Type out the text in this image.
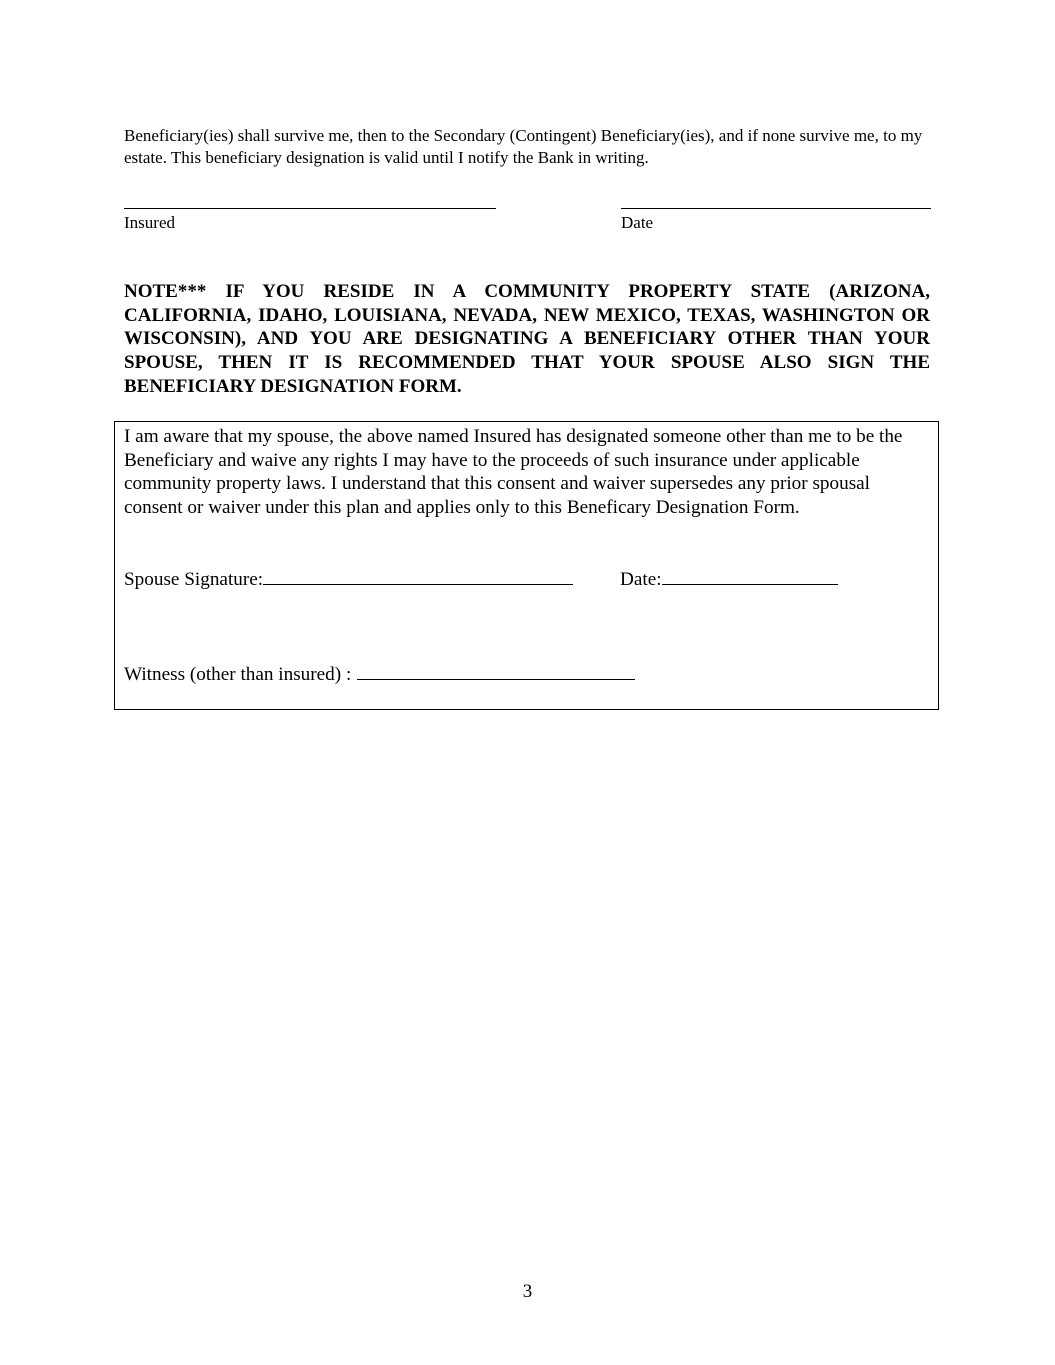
Beneficiary(ies) shall survive me, then to the Secondary (Contingent) Beneficiary(ies), and if none survive me, to my estate. This beneficiary designation is valid until I notify the Bank in writing.

Insured	Date

NOTE*** IF YOU RESIDE IN A COMMUNITY PROPERTY STATE (ARIZONA, CALIFORNIA, IDAHO, LOUISIANA, NEVADA, NEW MEXICO, TEXAS, WASHINGTON OR WISCONSIN), AND YOU ARE DESIGNATING A BENEFICIARY OTHER THAN YOUR SPOUSE, THEN IT IS RECOMMENDED THAT YOUR SPOUSE ALSO SIGN THE BENEFICIARY DESIGNATION FORM.

I am aware that my spouse, the above named Insured has designated someone other than me to be the Beneficiary and waive any rights I may have to the proceeds of such insurance under applicable community property laws. I understand that this consent and waiver supersedes any prior spousal consent or waiver under this plan and applies only to this Beneficary Designation Form.

Spouse Signature:	Date:
Witness (other than insured) :
3
